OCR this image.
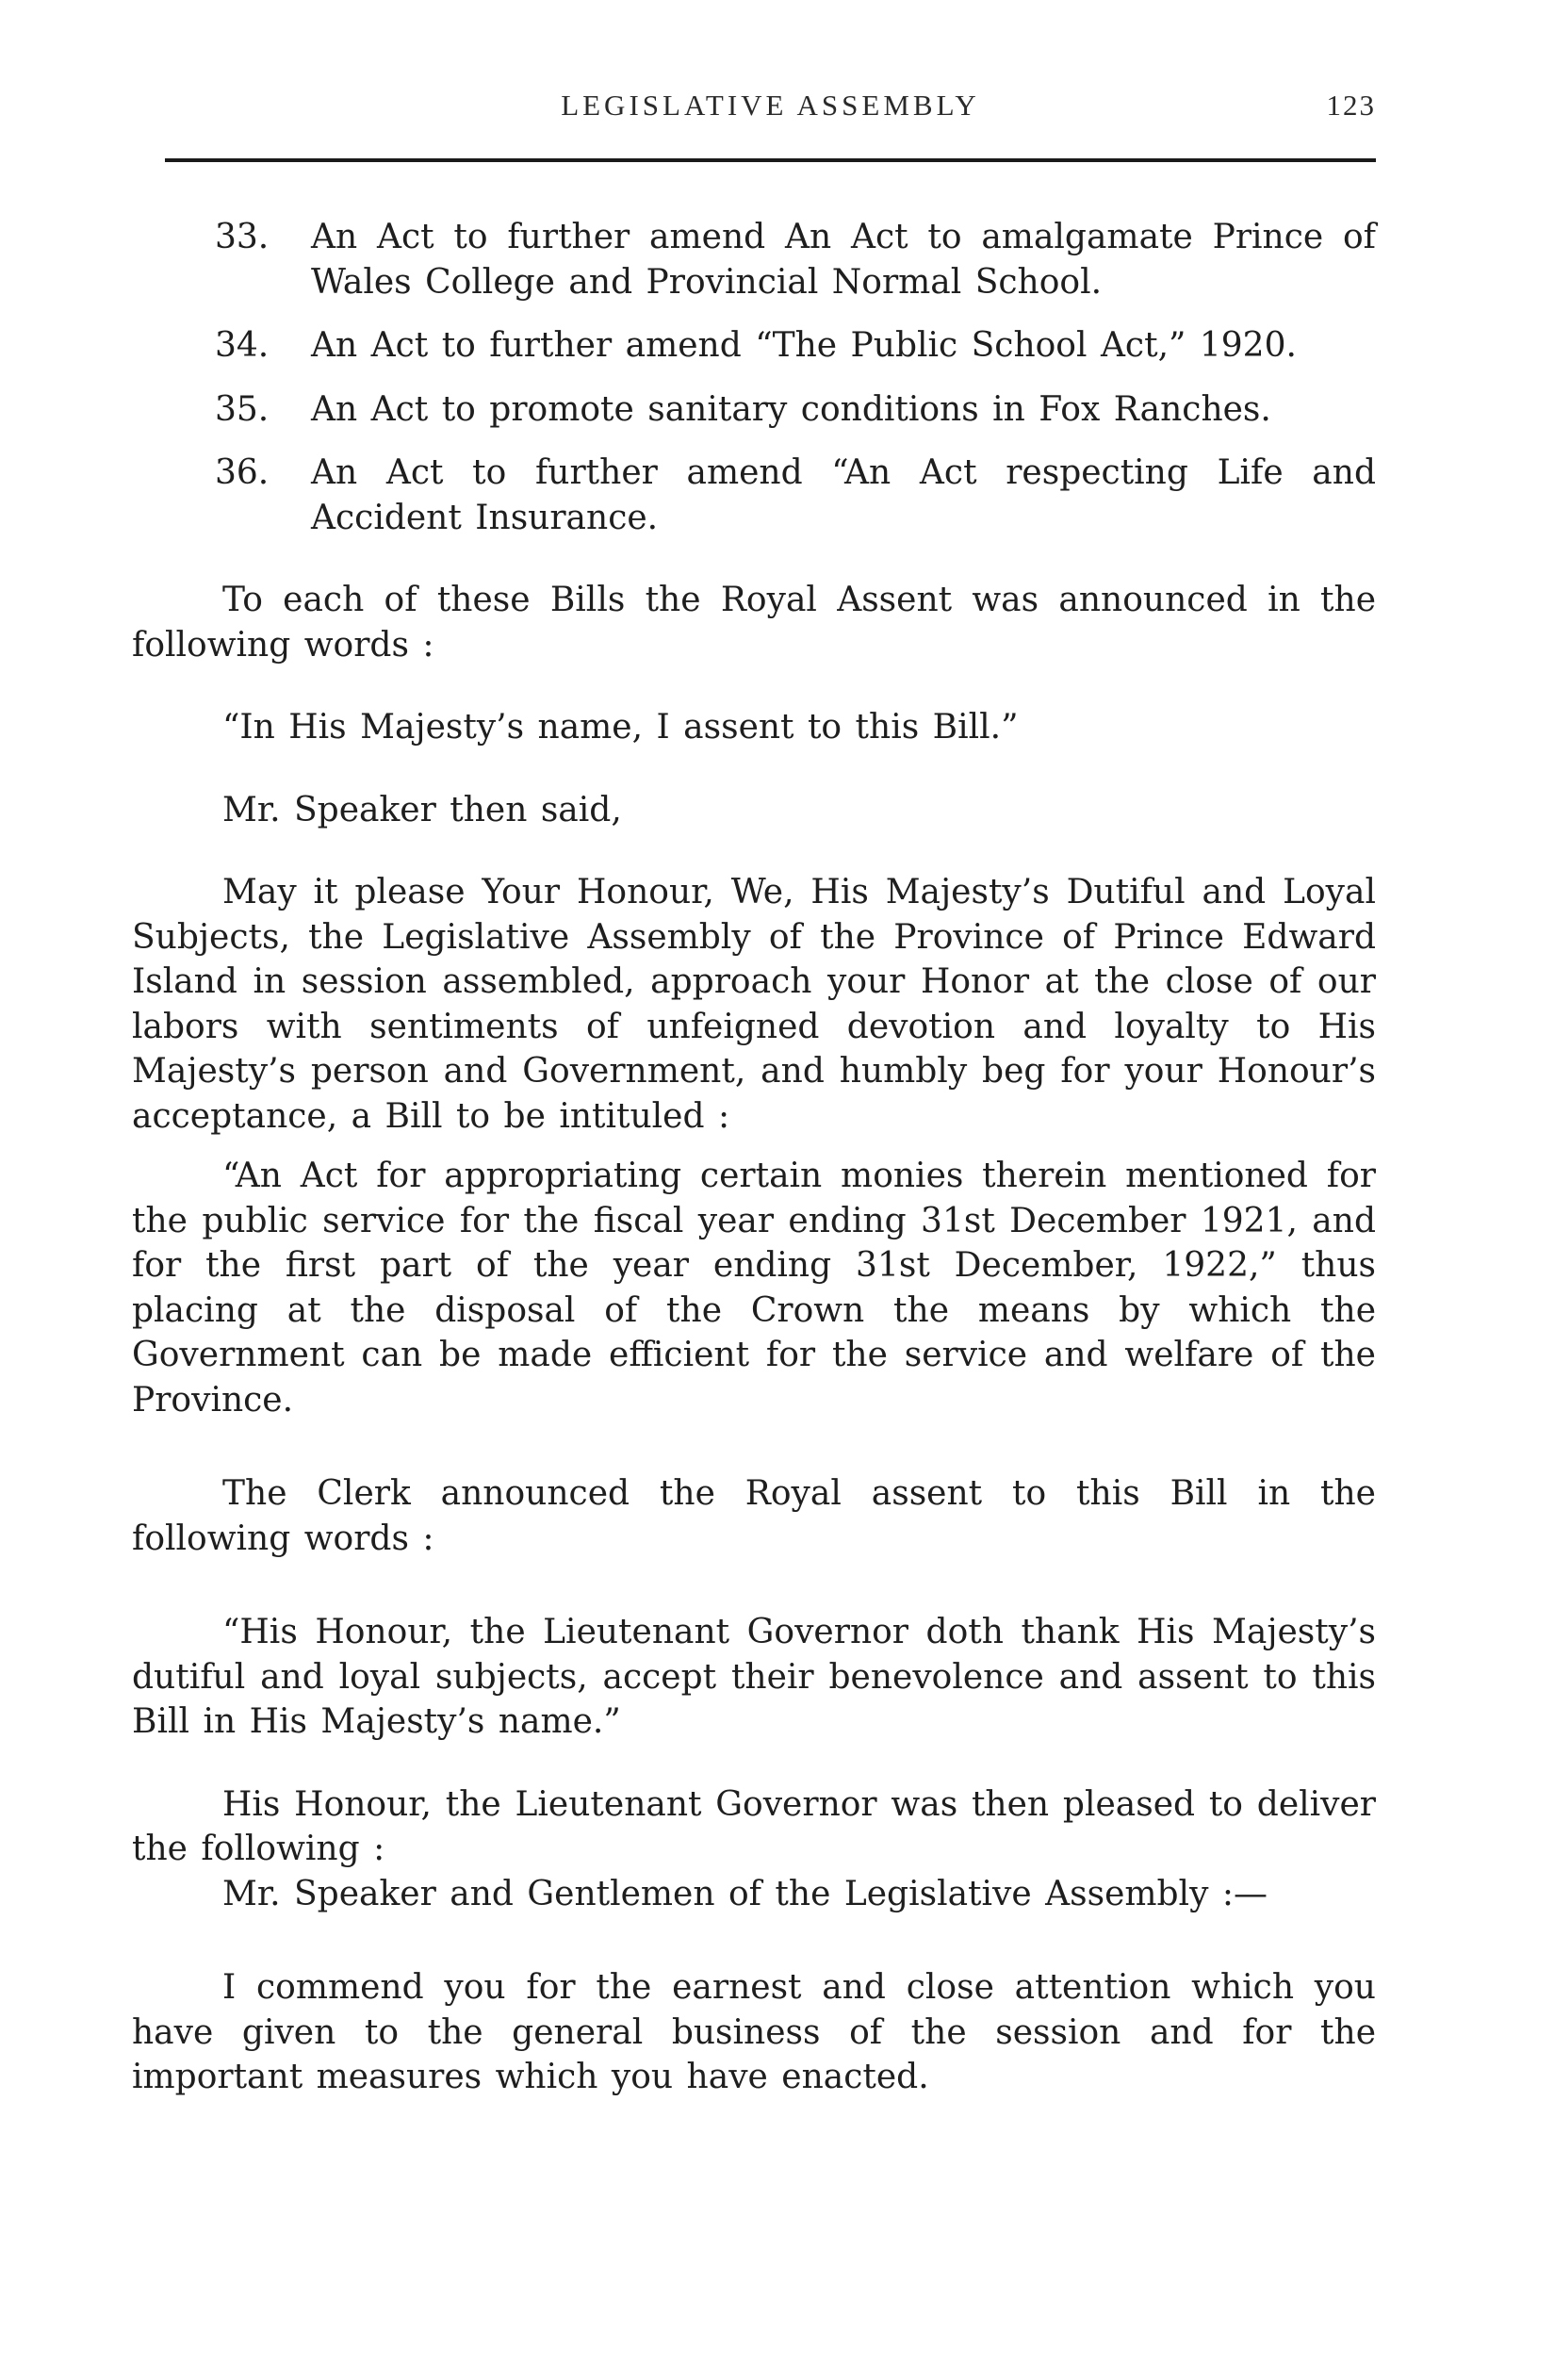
LEGISLATIVE ASSEMBLY	123
33. An Act to further amend An Act to amalgamate Prince of Wales College and Provincial Normal School.
34. An Act to further amend “The Public School Act,” 1920.
35. An Act to promote sanitary conditions in Fox Ranches.
36. An Act to further amend “An Act respecting Life and Accident Insurance.

To each of these Bills the Royal Assent was announced in the following words :

“In His Majesty’s name, I assent to this Bill.”

Mr. Speaker then said,

May it please Your Honour, We, His Majesty’s Dutiful and Loyal Subjects, the Legislative Assembly of the Province of Prince Edward Island in session assembled, approach your Honor at the close of our labors with sentiments of unfeigned devotion and loyalty to His Majesty’s person and Government, and humbly beg for your Honour’s acceptance, a Bill to be intituled :

“An Act for appropriating certain monies therein mentioned for the public service for the fiscal year ending 31st December 1921, and for the first part of the year ending 31st December, 1922,” thus placing at the disposal of the Crown the means by which the Government can be made efficient for the service and welfare of the Province.

The Clerk announced the Royal assent to this Bill in the following words :

“His Honour, the Lieutenant Governor doth thank His Majesty’s dutiful and loyal subjects, accept their benevolence and assent to this Bill in His Majesty’s name.”

His Honour, the Lieutenant Governor was then pleased to deliver the following :

Mr. Speaker and Gentlemen of the Legislative Assembly :—

I commend you for the earnest and close attention which you have given to the general business of the session and for the important measures which you have enacted.
